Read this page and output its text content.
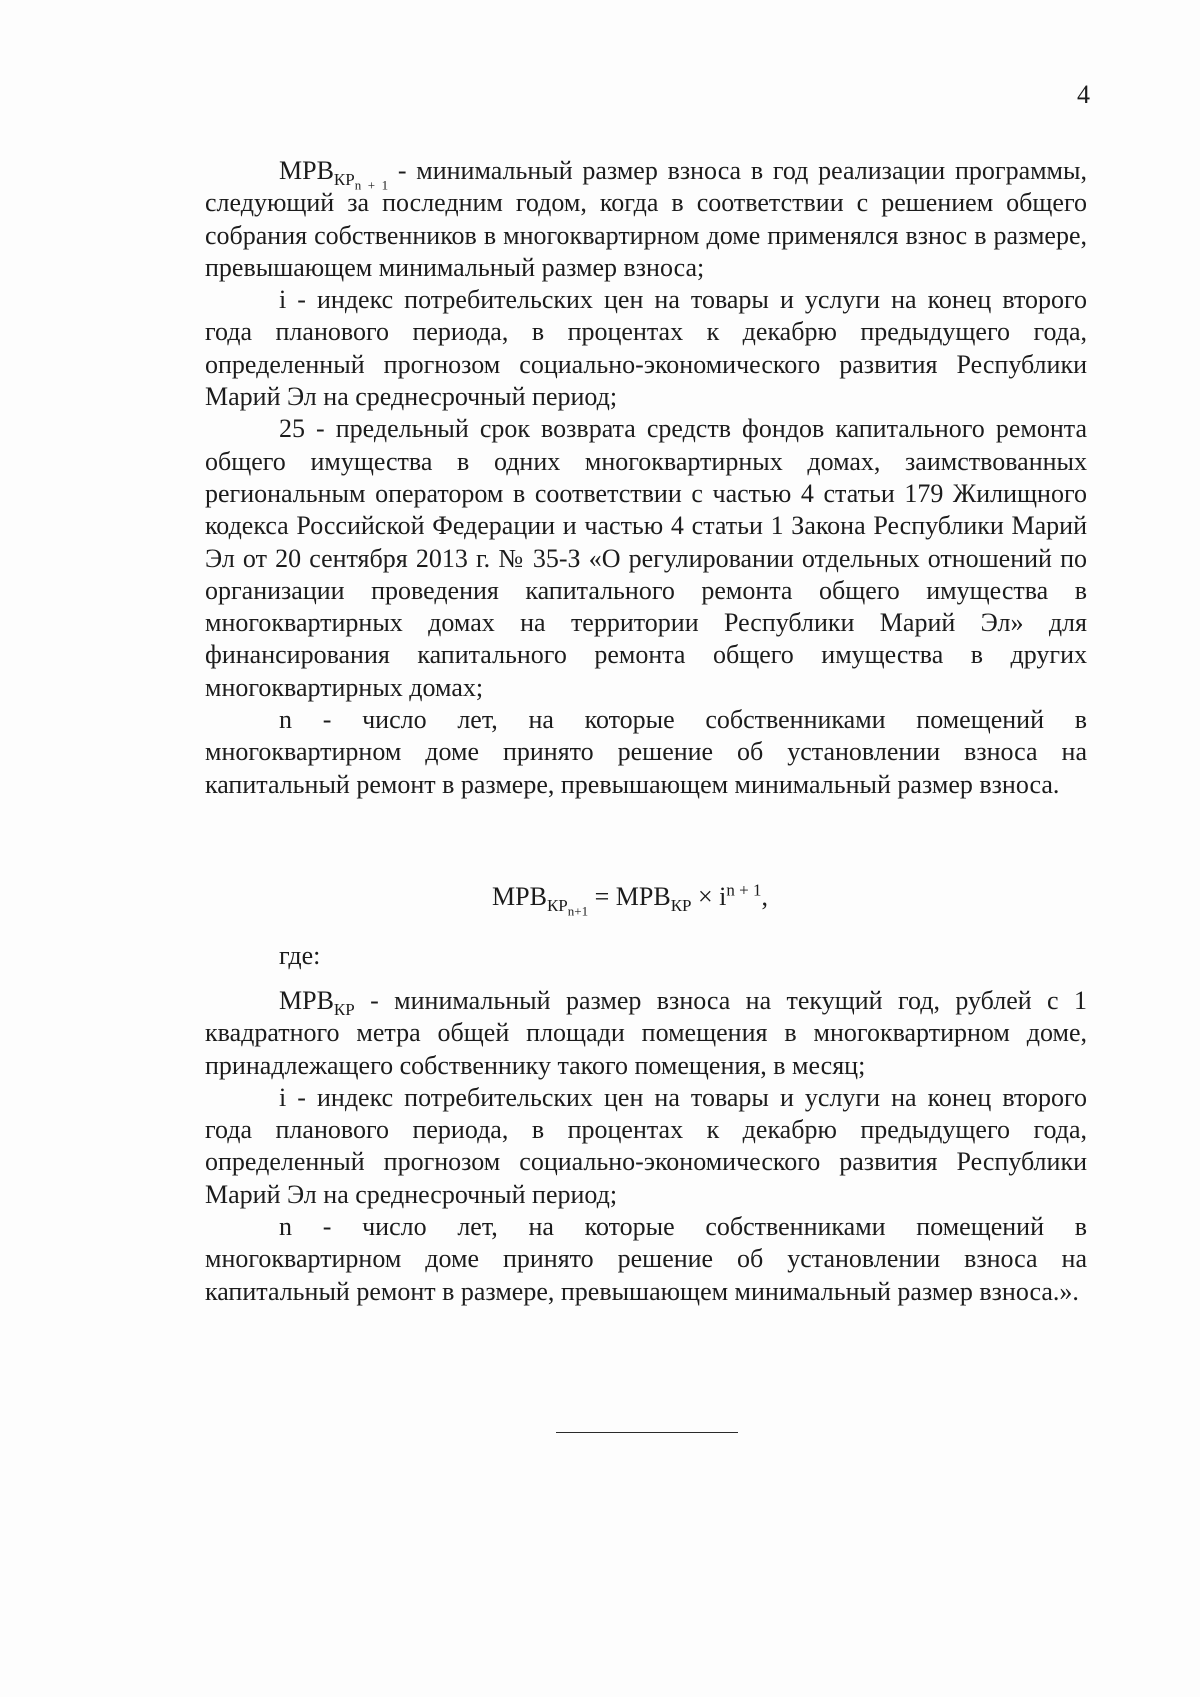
4

$МРВ_{КР_{n + 1}}$ - минимальный размер взноса в год реализации программы, следующий за последним годом, когда в соответствии с решением общего собрания собственников в многоквартирном доме применялся взнос в размере, превышающем минимальный размер взноса;

i - индекс потребительских цен на товары и услуги на конец второго года планового периода, в процентах к декабрю предыдущего года, определенный прогнозом социально-экономического развития Республики Марий Эл на среднесрочный период;

25 - предельный срок возврата средств фондов капитального ремонта общего имущества в одних многоквартирных домах, заимствованных региональным оператором в соответствии с частью 4 статьи 179 Жилищного кодекса Российской Федерации и частью 4 статьи 1 Закона Республики Марий Эл от 20 сентября 2013 г. № 35-З «О регулировании отдельных отношений по организации проведения капитального ремонта общего имущества в многоквартирных домах на территории Республики Марий Эл» для финансирования капитального ремонта общего имущества в других многоквартирных домах;

n - число лет, на которые собственниками помещений в многоквартирном доме принято решение об установлении взноса на капитальный ремонт в размере, превышающем минимальный размер взноса.

$МРВ_{КР_{n+1}} = МРВ_{КР} \times i^{n + 1}$,
где:

$МРВ_{КР}$ - минимальный размер взноса на текущий год, рублей с 1 квадратного метра общей площади помещения в многоквартирном доме, принадлежащего собственнику такого помещения, в месяц;

i - индекс потребительских цен на товары и услуги на конец второго года планового периода, в процентах к декабрю предыдущего года, определенный прогнозом социально-экономического развития Республики Марий Эл на среднесрочный период;

n - число лет, на которые собственниками помещений в многоквартирном доме принято решение об установлении взноса на капитальный ремонт в размере, превышающем минимальный размер взноса.».
